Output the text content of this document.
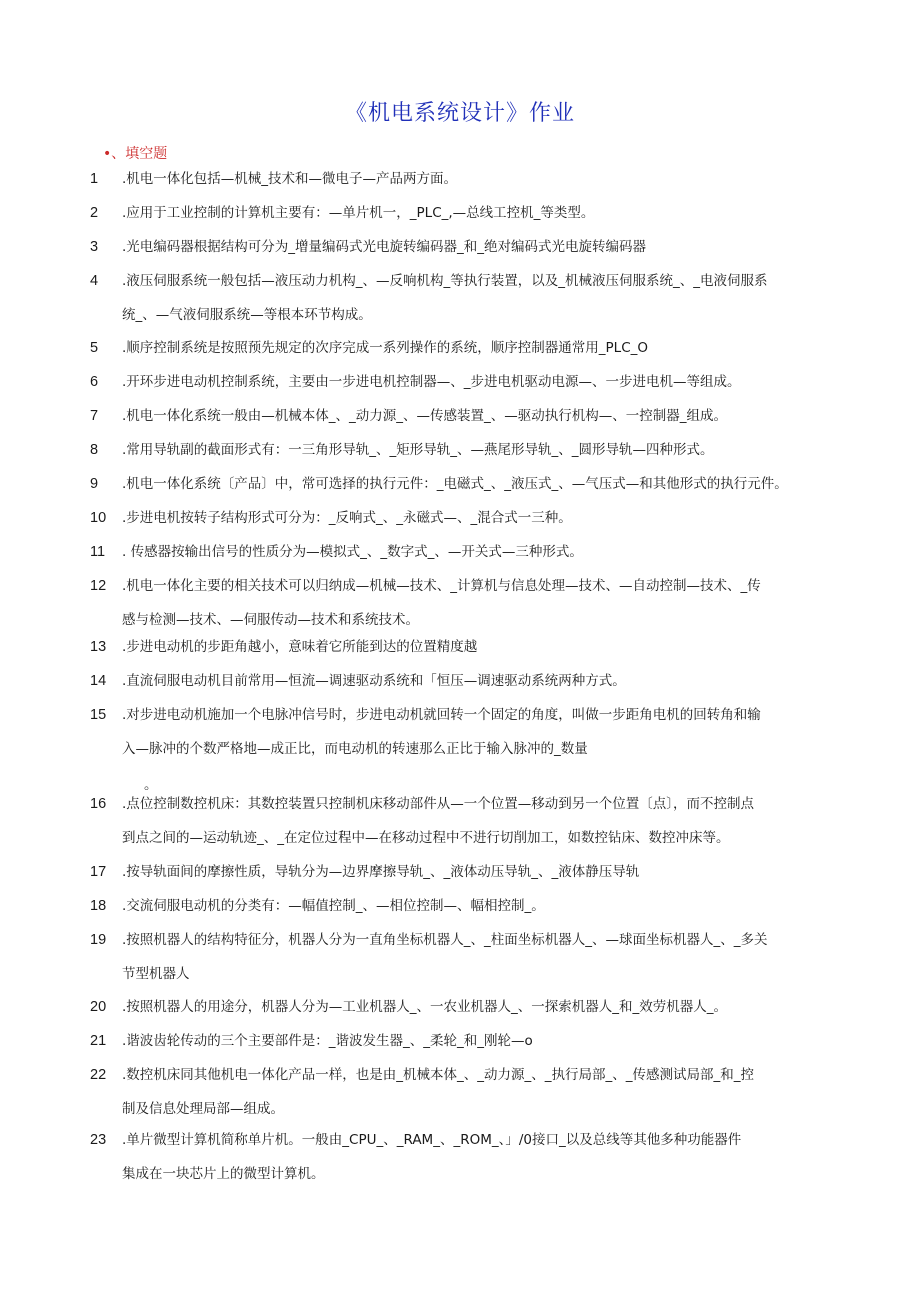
《机电系统设计》作业
•、填空题
1	.机电一体化包括—机械_技术和—微电子—产品两方面。
2	.应用于工业控制的计算机主要有：—单片机一，_PLC_,—总线工控机_等类型。
3	.光电编码器根据结构可分为_增量编码式光电旋转编码器_和_绝对编码式光电旋转编码器
4	.液压伺服系统一般包括—液压动力机构_、—反响机构_等执行装置，以及_机械液压伺服系统_、_电液伺服系
统_、—气液伺服系统—等根本环节构成。
5	.顺序控制系统是按照预先规定的次序完成一系列操作的系统，顺序控制器通常用_PLC_O
6	.开环步进电动机控制系统，主要由一步进电机控制器—、_步进电机驱动电源—、一步进电机—等组成。
7	.机电一体化系统一般由—机械本体_、_动力源_、—传感装置_、—驱动执行机构—、一控制器_组成。
8	.常用导轨副的截面形式有：一三角形导轨_、_矩形导轨_、—燕尾形导轨_、_圆形导轨—四种形式。
9	.机电一体化系统〔产品〕中，常可选择的执行元件：_电磁式_、_液压式_、—气压式—和其他形式的执行元件。
10	.步进电机按转子结构形式可分为：_反响式_、_永磁式—、_混合式一三种。
11	. 传感器按输出信号的性质分为—模拟式_、_数字式_、—开关式—三种形式。
12	.机电一体化主要的相关技术可以归纳成—机械—技术、_计算机与信息处理—技术、—自动控制—技术、_传
感与检测—技术、—伺服传动—技术和系统技术。
13	.步进电动机的步距角越小，意味着它所能到达的位置精度越
14	.直流伺服电动机目前常用—恒流—调速驱动系统和「恒压—调速驱动系统两种方式。
15	.对步进电动机施加一个电脉冲信号时，步进电动机就回转一个固定的角度，叫做一步距角电机的回转角和输
入—脉冲的个数严格地—成正比，而电动机的转速那么正比于输入脉冲的_数量
。
16	.点位控制数控机床：其数控装置只控制机床移动部件从—一个位置—移动到另一个位置〔点〕，而不控制点
到点之间的—运动轨迹_、_在定位过程中—在移动过程中不进行切削加工，如数控钻床、数控冲床等。
17	.按导轨面间的摩擦性质，导轨分为—边界摩擦导轨_、_液体动压导轨_、_液体静压导轨
18	.交流伺服电动机的分类有：—幅值控制_、—相位控制—、幅相控制_。
19	.按照机器人的结构特征分，机器人分为一直角坐标机器人_、_柱面坐标机器人_、—球面坐标机器人_、_多关
节型机器人
20	.按照机器人的用途分，机器人分为—工业机器人_、一农业机器人_、一探索机器人_和_效劳机器人_。
21	.谐波齿轮传动的三个主要部件是：_谐波发生器_、_柔轮_和_刚轮—o
22	.数控机床同其他机电一体化产品一样，也是由_机械本体_、_动力源_、_执行局部_、_传感测试局部_和_控
制及信息处理局部—组成。
23	.单片微型计算机简称单片机。一般由_CPU_、_RAM_、_ROM_、」/0接口_以及总线等其他多种功能器件
集成在一块芯片上的微型计算机。
